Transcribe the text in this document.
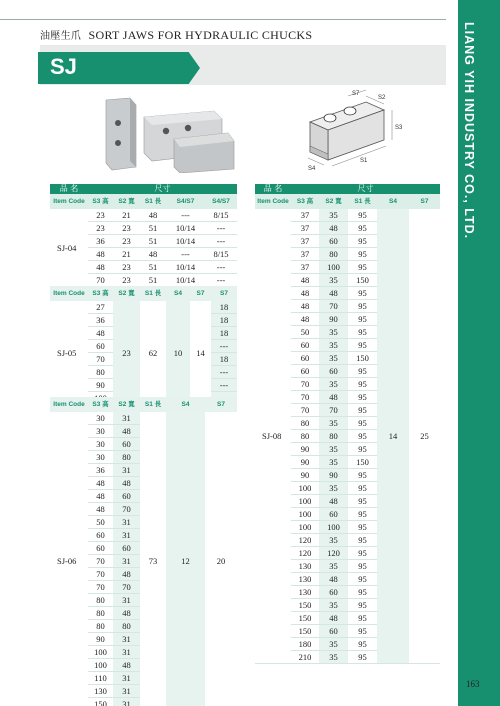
油壓生爪 SORT JAWS FOR HYDRAULIC CHUCKS
SJ	LIANG YIH INDUSTRY CO., LTD.
163
S7
S2
S3
S1
S4
品 名	尺寸				
Item Code	S3 高	S2 寬	S1 長	S4/S7	S4/S7
SJ-04	23	21	48	---	8/15
	23	23	51	10/14	---
	36	23	51	10/14	---
	48	21	48	---	8/15
	48	23	51	10/14	---
	70	23	51	10/14	---
Item Code	S3 高	S2 寬	S1 長	S4	S7	S7
SJ-05	27	23	62	10	14	18
	36					18
	48					18
	60					---
	70					18
	80					---
	90					---

Item Code	S3 高	S2 寬	S1 長	S4	S7
SJ-06	30	31	73	12	20
	30	48			
	30	60			
	30	80			
	36	31			
	48	48			
	48	60			
	48	70			
	50	31			
	60	31			
	60	60			
	70	31			
	70	48			
	70	70			
	80	31			
	80	48			
	80	80			
	90	31			
	100	31			
	100	48			
	110	31			
	130	31			
	150	31			
品 名	尺寸				
Item Code	S3 高	S2 寬	S1 長	S4	S7
SJ-08	37	35	95	14	25
	37	48	95		
	37	60	95		
	37	80	95		
	37	100	95		
	48	35	150		
	48	48	95		
	48	70	95		
	48	90	95		
	50	35	95		
	60	35	95		
	60	35	150		
	60	60	95		
	70	35	95		
	70	48	95		
	70	70	95		
	80	35	95		
	80	80	95		
	90	35	95		
	90	35	150		
	90	90	95		
	100	35	95		
	100	48	95		
	100	60	95		
	100	100	95		
	120	35	95		
	120	120	95		
	130	35	95		
	130	48	95		
	130	60	95		
	150	35	95		
	150	48	95		
	150	60	95		
	180	35	95		
	210	35	95		
